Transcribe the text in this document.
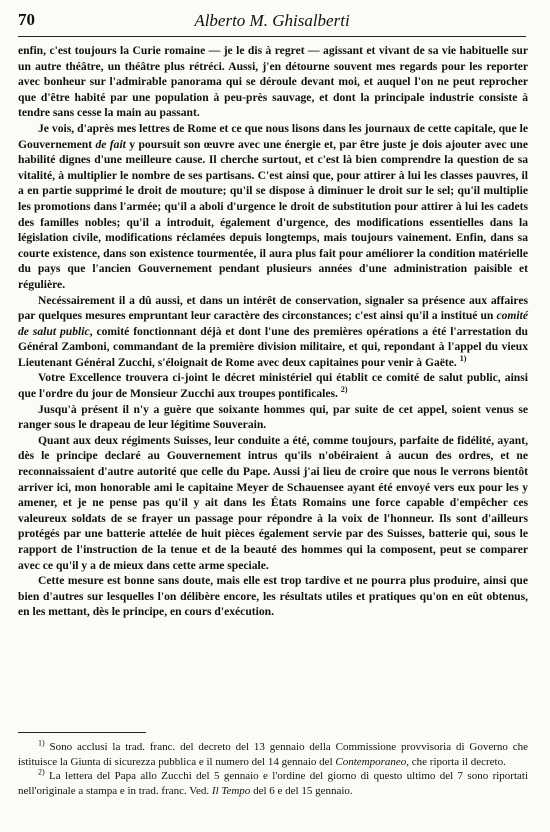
70	Alberto M. Ghisalberti

enfin, c'est toujours la Curie romaine — je le dis à regret — agissant et vivant de sa vie habituelle sur un autre théâtre, un théâtre plus rétréci. Aussi, j'en détourne souvent mes regards pour les reporter avec bonheur sur l'admirable panorama qui se déroule devant moi, et auquel l'on ne peut reprocher que d'être habité par une population à peu-près sauvage, et dont la principale industrie consiste à tendre sans cesse la main au passant.

Je vois, d'après mes lettres de Rome et ce que nous lisons dans les journaux de cette capitale, que le Gouvernement de fait y poursuit son œuvre avec une énergie et, par être juste je dois ajouter avec une habilité dignes d'une meilleure cause. Il cherche surtout, et c'est là bien comprendre la question de sa vitalité, à multiplier le nombre de ses partisans. C'est ainsi que, pour attirer à lui les classes pauvres, il a en partie supprimé le droit de mouture; qu'il se dispose à diminuer le droit sur le sel; qu'il multiplie les promotions dans l'armée; qu'il a aboli d'urgence le droit de substitution pour attirer à lui les cadets des familles nobles; qu'il a introduit, également d'urgence, des modifications essentielles dans la législation civile, modifications réclamées depuis longtemps, mais toujours vainement. Enfin, dans sa courte existence, dans son existence tourmentée, il aura plus fait pour améliorer la condition matérielle du pays que l'ancien Gouvernement pendant plusieurs années d'une administration paisible et régulière.

Necéssairement il a dû aussi, et dans un intérêt de conservation, signaler sa présence aux affaires par quelques mesures empruntant leur caractère des circonstances; c'est ainsi qu'il a institué un comité de salut public, comité fonctionnant déjà et dont l'une des premières opérations a été l'arrestation du Général Zamboni, commandant de la première division militaire, et qui, repondant à l'appel du vieux Lieutenant Général Zucchi, s'éloignait de Rome avec deux capitaines pour venir à Gaëte. $^{1)}$

Votre Excellence trouvera ci-joint le décret ministériel qui établit ce comité de salut public, ainsi que l'ordre du jour de Monsieur Zucchi aux troupes pontificales. $^{2)}$

Jusqu'à présent il n'y a guère que soixante hommes qui, par suite de cet appel, soient venus se ranger sous le drapeau de leur légitime Souverain.

Quant aux deux régiments Suisses, leur conduite a été, comme toujours, parfaite de fidélité, ayant, dès le principe declaré au Gouvernement intrus qu'ils n'obéiraient à aucun des ordres, et ne reconnaissaient d'autre autorité que celle du Pape. Aussi j'ai lieu de croire que nous le verrons bientôt arriver ici, mon honorable ami le capitaine Meyer de Schauensee ayant été envoyé vers eux pour les y amener, et je ne pense pas qu'il y ait dans les États Romains une force capable d'empêcher ces valeureux soldats de se frayer un passage pour répondre à la voix de l'honneur. Ils sont d'ailleurs protégés par une batterie attelée de huit pièces également servie par des Suisses, batterie qui, sous le rapport de l'instruction de la tenue et de la beauté des hommes qui la composent, peut se comparer avec ce qu'il y a de mieux dans cette arme speciale.

Cette mesure est bonne sans doute, mais elle est trop tardive et ne pourra plus produire, ainsi que bien d'autres sur lesquelles l'on délibère encore, les résultats utiles et pratiques qu'on en eût obtenus, en les mettant, dès le principe, en cours d'exécution.

$^{1)}$ Sono acclusi la trad. franc. del decreto del 13 gennaio della Commissione provvisoria di Governo che istituisce la Giunta di sicurezza pubblica e il numero del 14 gennaio del Contemporaneo, che riporta il decreto.

$^{2)}$ La lettera del Papa allo Zucchi del 5 gennaio e l'ordine del giorno di questo ultimo del 7 sono riportati nell'originale a stampa e in trad. franc. Ved. Il Tempo del 6 e del 15 gennaio.
